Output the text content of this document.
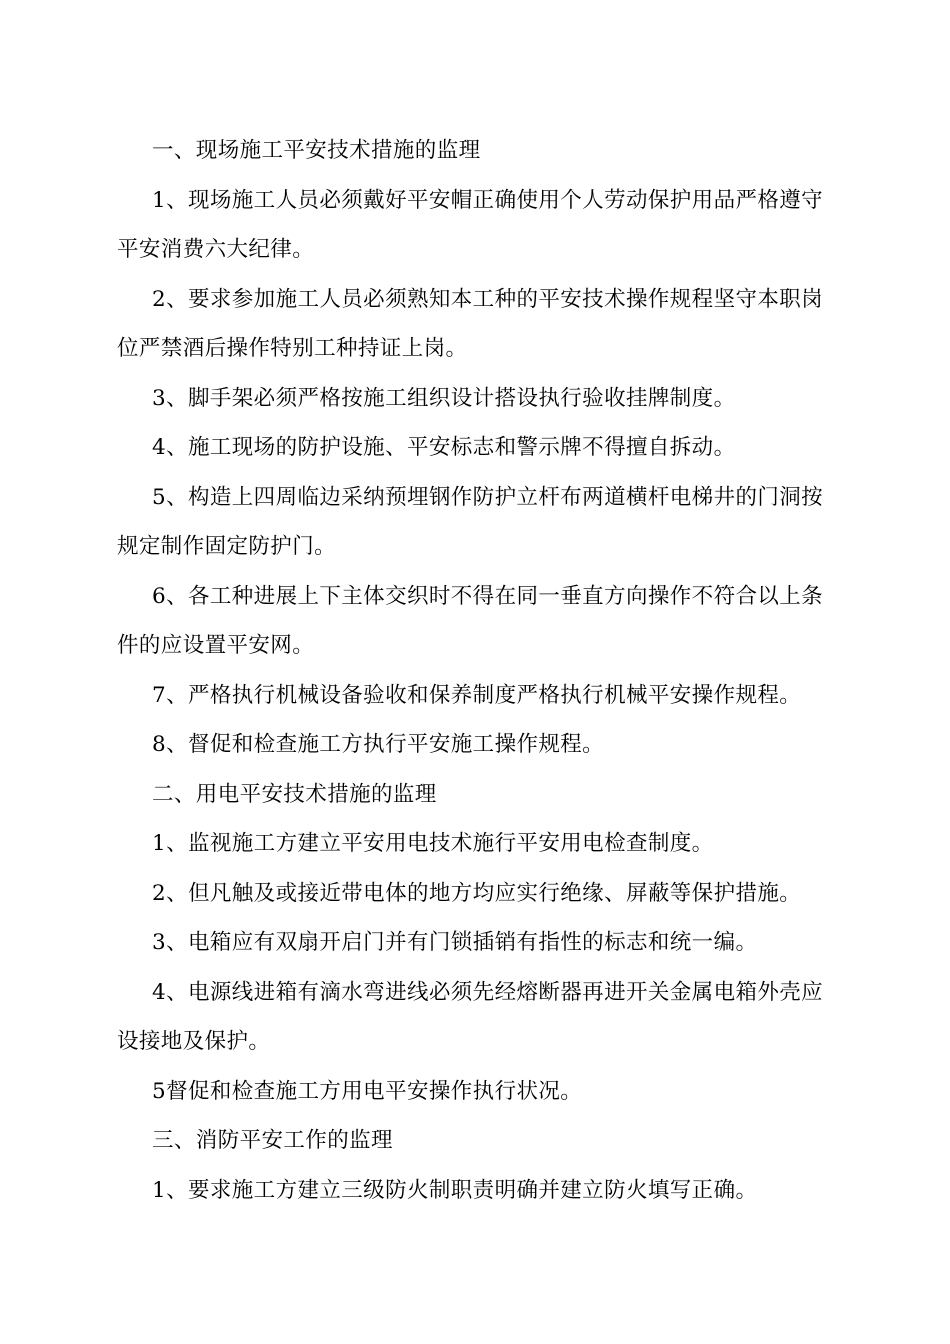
一、现场施工平安技术措施的监理

1、现场施工人员必须戴好平安帽正确使用个人劳动保护用品严格遵守平安消费六大纪律。

2、要求参加施工人员必须熟知本工种的平安技术操作规程坚守本职岗位严禁酒后操作特别工种持证上岗。

3、脚手架必须严格按施工组织设计搭设执行验收挂牌制度。

4、施工现场的防护设施、平安标志和警示牌不得擅自拆动。

5、构造上四周临边采纳预埋钢作防护立杆布两道横杆电梯井的门洞按规定制作固定防护门。

6、各工种进展上下主体交织时不得在同一垂直方向操作不符合以上条件的应设置平安网。

7、严格执行机械设备验收和保养制度严格执行机械平安操作规程。

8、督促和检查施工方执行平安施工操作规程。

二、用电平安技术措施的监理

1、监视施工方建立平安用电技术施行平安用电检查制度。

2、但凡触及或接近带电体的地方均应实行绝缘、屏蔽等保护措施。

3、电箱应有双扇开启门并有门锁插销有指性的标志和统一编。

4、电源线进箱有滴水弯进线必须先经熔断器再进开关金属电箱外壳应设接地及保护。

5督促和检查施工方用电平安操作执行状况。

三、消防平安工作的监理

1、要求施工方建立三级防火制职责明确并建立防火填写正确。
